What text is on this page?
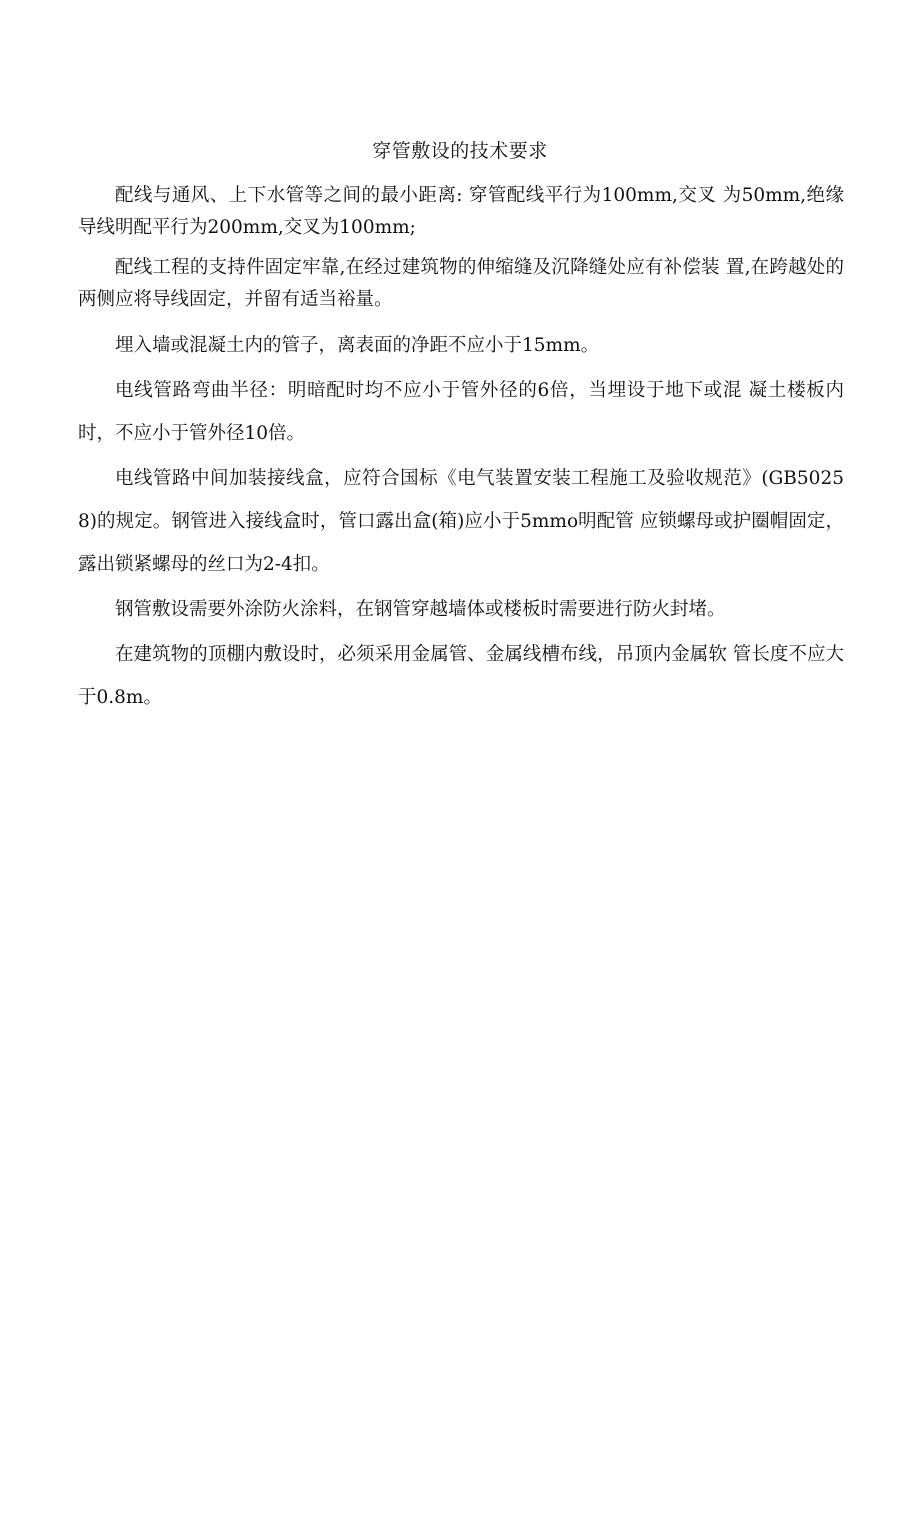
穿管敷设的技术要求

配线与通风、上下水管等之间的最小距离: 穿管配线平行为100mm,交叉 为50mm,绝缘导线明配平行为200mm,交叉为100mm;

配线工程的支持件固定牢靠,在经过建筑物的伸缩缝及沉降缝处应有补偿装 置,在跨越处的两侧应将导线固定，并留有适当裕量。

埋入墙或混凝土内的管子，离表面的净距不应小于15mm。

电线管路弯曲半径：明暗配时均不应小于管外径的6倍，当埋设于地下或混 凝土楼板内时，不应小于管外径10倍。

电线管路中间加装接线盒，应符合国标《电气装置安装工程施工及验收规范》(GB50258)的规定。钢管进入接线盒时，管口露出盒(箱)应小于5mmo明配管 应锁螺母或护圈帽固定，露出锁紧螺母的丝口为2-4扣。

钢管敷设需要外涂防火涂料，在钢管穿越墙体或楼板时需要进行防火封堵。

在建筑物的顶棚内敷设时，必须采用金属管、金属线槽布线，吊顶内金属软 管长度不应大于0.8m。
